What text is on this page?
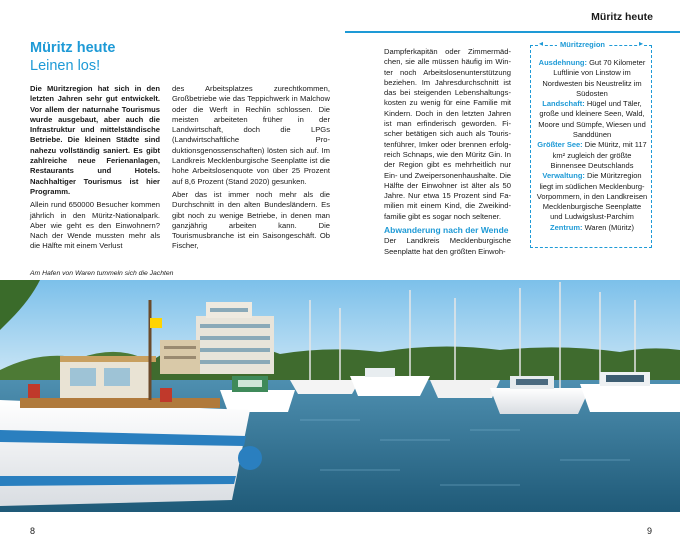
Müritz heute
Müritz heute
Leinen los!

Die Müritzregion hat sich in den letzten Jahren sehr gut entwickelt. Vor allem der naturnahe Tourismus wurde ausgebaut, aber auch die Infrastruktur und mittelständische Betriebe. Die kleinen Städte sind nahezu vollständig saniert. Es gibt zahlreiche neue Ferienanlagen, Restaurants und Hotels. Nachhaltiger Tourismus ist hier Programm.

Allein rund 650000 Besucher kommen jährlich in den Müritz-Nationalpark. Aber wie geht es den Einwohnern? Nach der Wende mussten mehr als die Hälfte mit einem Verlust

des Arbeitsplatzes zurechtkommen, Großbetriebe wie das Teppichwerk in Malchow oder die Werft in Rechlin schlossen. Die meisten arbeiteten früher in der Landwirtschaft, doch die LPGs (Landwirtschaftliche Produktionsgenossenschaften) lösten sich auf. Im Landkreis Mecklenburgische Seenplatte ist die hohe Arbeitslosenquote von über 25 Prozent auf 8,6 Prozent (Stand 2020) gesunken.

Aber das ist immer noch mehr als die Durchschnitt in den alten Bundesländern. Es gibt noch zu wenige Betriebe, in denen man ganzjährig arbeiten kann. Die Tourismusbranche ist ein Saisongeschäft. Ob Fischer,

Dampferkapitän oder Zimmermädchen, sie alle müssen häufig im Winter noch Arbeitslosenunterstützung beziehen. Im Jahresdurchschnitt ist das bei steigenden Lebenshaltungskosten zu wenig für eine Familie mit Kindern. Doch in den letzten Jahren ist man erfinderisch geworden. Fischer betätigen sich auch als Touristenführer, Imker oder brennen erfolgreich Schnaps, wie den Müritz Gin. In der Region gibt es mehrheitlich nur Ein- und Zweipersonenhaushalte. Die Hälfte der Einwohner ist älter als 50 Jahre. Nur etwa 15 Prozent sind Familien mit einem Kind, die Zweikindfamilie gibt es sogar noch seltener.

Abwanderung nach der Wende

Der Landkreis Mecklenburgische Seenplatte hat den größten Einwoh-

◂	Müritzregion	▸

Ausdehnung: Gut 70 Kilometer Luftlinie von Linstow im Nordwesten bis Neustrelitz im Südosten

Landschaft: Hügel und Täler, große und kleinere Seen, Wald, Moore und Sümpfe, Wiesen und Sanddünen

Größter See: Die Müritz, mit 117 km² zugleich der größte Binnensee Deutschlands

Verwaltung: Die Müritzregion liegt im südlichen Mecklenburg-Vorpommern, in den Landkreisen Mecklenburgische Seenplatte und Ludwigslust-Parchim

Zentrum: Waren (Müritz)

Am Hafen von Waren tummeln sich die Jachten
8	9
